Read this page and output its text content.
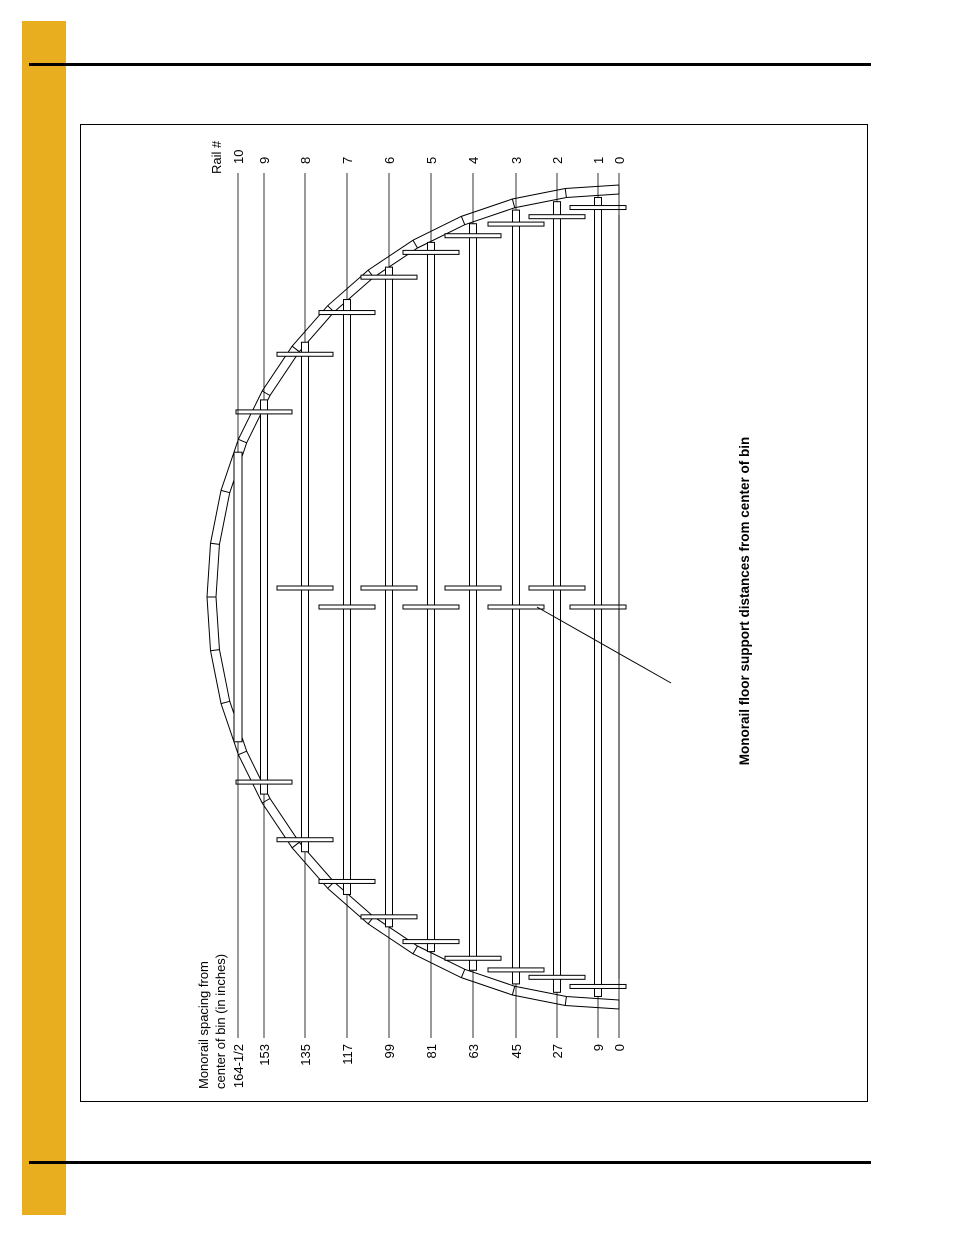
Rail #
Monorail spacing from center of bin (in inches)
Monorail floor support distances from center of bin
0
0
1
9
2
27
3
45
4
63
5
81
6
99
7
117
8
135
9
153
10
164-1/2
